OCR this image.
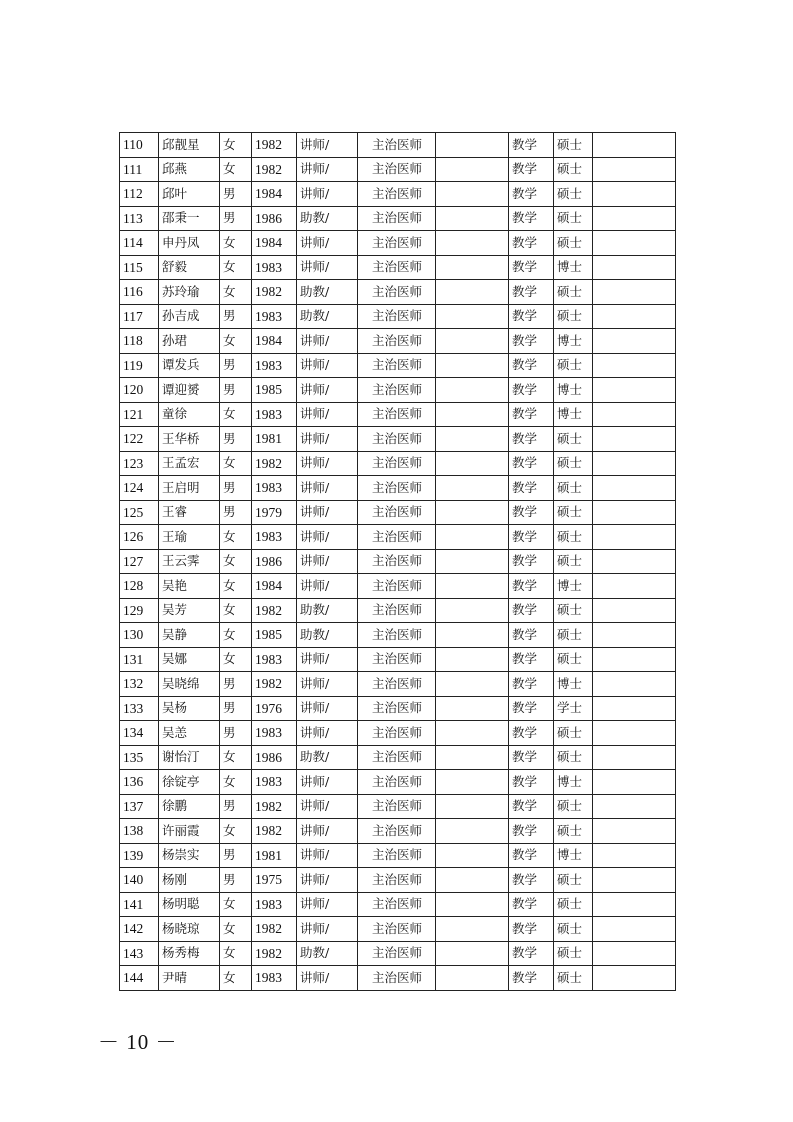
110	邱靓星	女	1982	讲师/	主治医师		教学	硕士	
111	邱燕	女	1982	讲师/	主治医师		教学	硕士	
112	邱叶	男	1984	讲师/	主治医师		教学	硕士	
113	邵秉一	男	1986	助教/	主治医师		教学	硕士	
114	申丹凤	女	1984	讲师/	主治医师		教学	硕士	
115	舒毅	女	1983	讲师/	主治医师		教学	博士	
116	苏玲瑜	女	1982	助教/	主治医师		教学	硕士	
117	孙吉成	男	1983	助教/	主治医师		教学	硕士	
118	孙珺	女	1984	讲师/	主治医师		教学	博士	
119	谭发兵	男	1983	讲师/	主治医师		教学	硕士	
120	谭迎赟	男	1985	讲师/	主治医师		教学	博士	
121	童徐	女	1983	讲师/	主治医师		教学	博士	
122	王华桥	男	1981	讲师/	主治医师		教学	硕士	
123	王孟宏	女	1982	讲师/	主治医师		教学	硕士	
124	王启明	男	1983	讲师/	主治医师		教学	硕士	
125	王睿	男	1979	讲师/	主治医师		教学	硕士	
126	王瑜	女	1983	讲师/	主治医师		教学	硕士	
127	王云霁	女	1986	讲师/	主治医师		教学	硕士	
128	吴艳	女	1984	讲师/	主治医师		教学	博士	
129	吴芳	女	1982	助教/	主治医师		教学	硕士	
130	吴静	女	1985	助教/	主治医师		教学	硕士	
131	吴娜	女	1983	讲师/	主治医师		教学	硕士	
132	吴晓绵	男	1982	讲师/	主治医师		教学	博士	
133	吴杨	男	1976	讲师/	主治医师		教学	学士	
134	吴恙	男	1983	讲师/	主治医师		教学	硕士	
135	谢怡汀	女	1986	助教/	主治医师		教学	硕士	
136	徐锭亭	女	1983	讲师/	主治医师		教学	博士	
137	徐鹏	男	1982	讲师/	主治医师		教学	硕士	
138	许丽霞	女	1982	讲师/	主治医师		教学	硕士	
139	杨崇实	男	1981	讲师/	主治医师		教学	博士	
140	杨刚	男	1975	讲师/	主治医师		教学	硕士	
141	杨明聪	女	1983	讲师/	主治医师		教学	硕士	
142	杨晓琼	女	1982	讲师/	主治医师		教学	硕士	
143	杨秀梅	女	1982	助教/	主治医师		教学	硕士	
144	尹晴	女	1983	讲师/	主治医师		教学	硕士	
－ 10 －
